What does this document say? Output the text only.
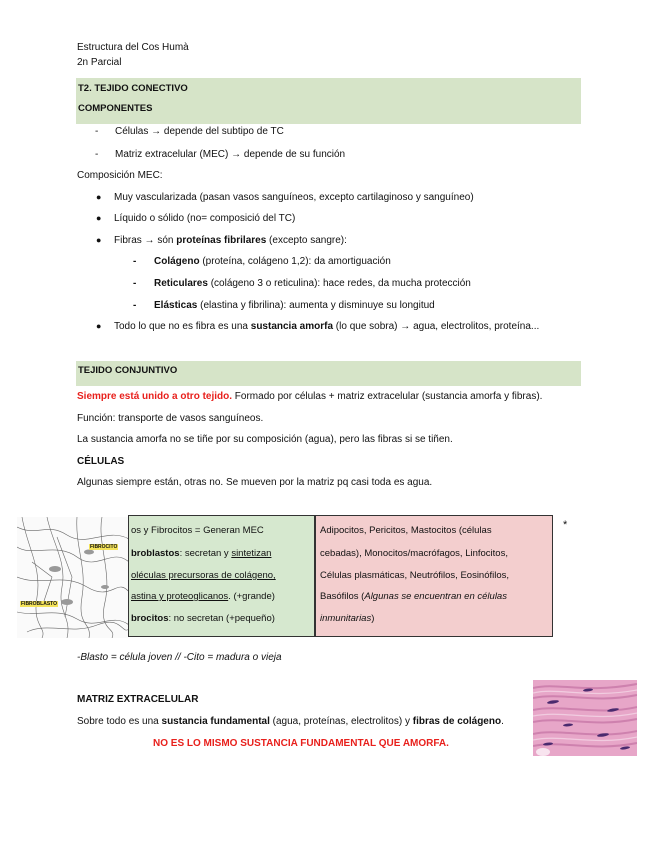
Estructura del Cos Humà
2n Parcial
T2. TEJIDO CONECTIVO
COMPONENTES
- Células → depende del subtipo de TC
- Matriz extracelular (MEC) → depende de su función
Composición MEC:
● Muy vascularizada (pasan vasos sanguíneos, excepto cartilaginoso y sanguíneo)
● Líquido o sólido (no= composició del TC)
● Fibras → són proteínas fibrilares (excepto sangre):
- Colágeno (proteína, colágeno 1,2): da amortiguación
- Reticulares (colágeno 3 o reticulina): hace redes, da mucha protección
- Elásticas (elastina y fibrilina): aumenta y disminuye su longitud
● Todo lo que no es fibra es una sustancia amorfa (lo que sobra) → agua, electrolitos, proteína...
TEJIDO CONJUNTIVO
Siempre está unido a otro tejido. Formado por células + matriz extracelular (sustancia amorfa y fibras).
Función: transporte de vasos sanguíneos.
La sustancia amorfa no se tiñe por su composición (agua), pero las fibras si se tiñen.
CÉLULAS
Algunas siempre están, otras no. Se mueven por la matriz pq casi toda es agua.
FIBROCITO
FIBROBLASTO
os y Fibrocitos = Generan MEC
broblastos: secretan y sintetizan
oléculas precursoras de colágeno,
astina y proteoglicanos. (+grande)
brocitos: no secretan (+pequeño)
Adipocitos, Pericitos, Mastocitos (células
cebadas), Monocitos/macrófagos, Linfocitos,
Células plasmáticas, Neutrófilos, Eosinófilos,
Basófilos (Algunas se encuentran en células
inmunitarias)
*
-Blasto = célula joven // -Cito = madura o vieja
MATRIZ EXTRACELULAR
Sobre todo es una sustancia fundamental (agua, proteínas, electrolitos) y fibras de colágeno.
NO ES LO MISMO SUSTANCIA FUNDAMENTAL QUE AMORFA.
